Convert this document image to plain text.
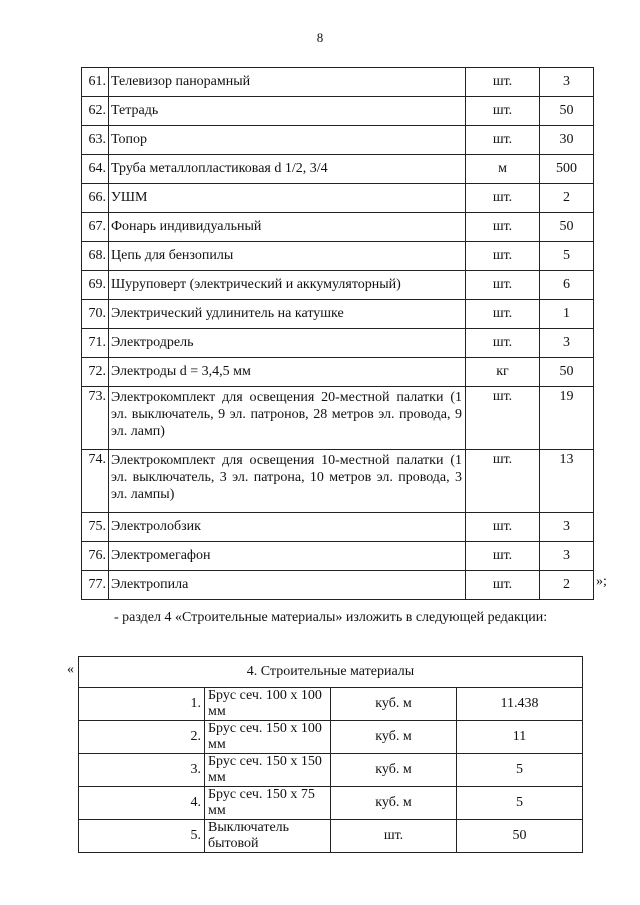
8
61.	Телевизор панорамный	шт.	3
62.	Тетрадь	шт.	50
63.	Топор	шт.	30
64.	Труба металлопластиковая d 1/2, 3/4	м	500
66.	УШМ	шт.	2
67.	Фонарь индивидуальный	шт.	50
68.	Цепь для бензопилы	шт.	5
69.	Шуруповерт (электрический и аккумуляторный)	шт.	6
70.	Электрический удлинитель на катушке	шт.	1
71.	Электродрель	шт.	3
72.	Электроды d = 3,4,5 мм	кг	50
73.	Электрокомплект для освещения 20-местной палатки (1 эл. выключатель, 9 эл. патронов, 28 метров эл. провода, 9 эл. ламп)	шт.	19
74.	Электрокомплект для освещения 10-местной палатки (1 эл. выключатель, 3 эл. патрона, 10 метров эл. провода, 3 эл. лампы)	шт.	13
75.	Электролобзик	шт.	3
76.	Электромегафон	шт.	3
77.	Электропила	шт.	2 »;
- раздел 4 «Строительные материалы» изложить в следующей редакции:
«	4. Строительные материалы			
1.	Брус сеч. 100 х 100 мм	куб. м	11.438
2.	Брус сеч. 150 х 100 мм	куб. м	11
3.	Брус сеч. 150 х 150 мм	куб. м	5
4.	Брус сеч. 150 х 75 мм	куб. м	5
5.	Выключатель бытовой	шт.	50
